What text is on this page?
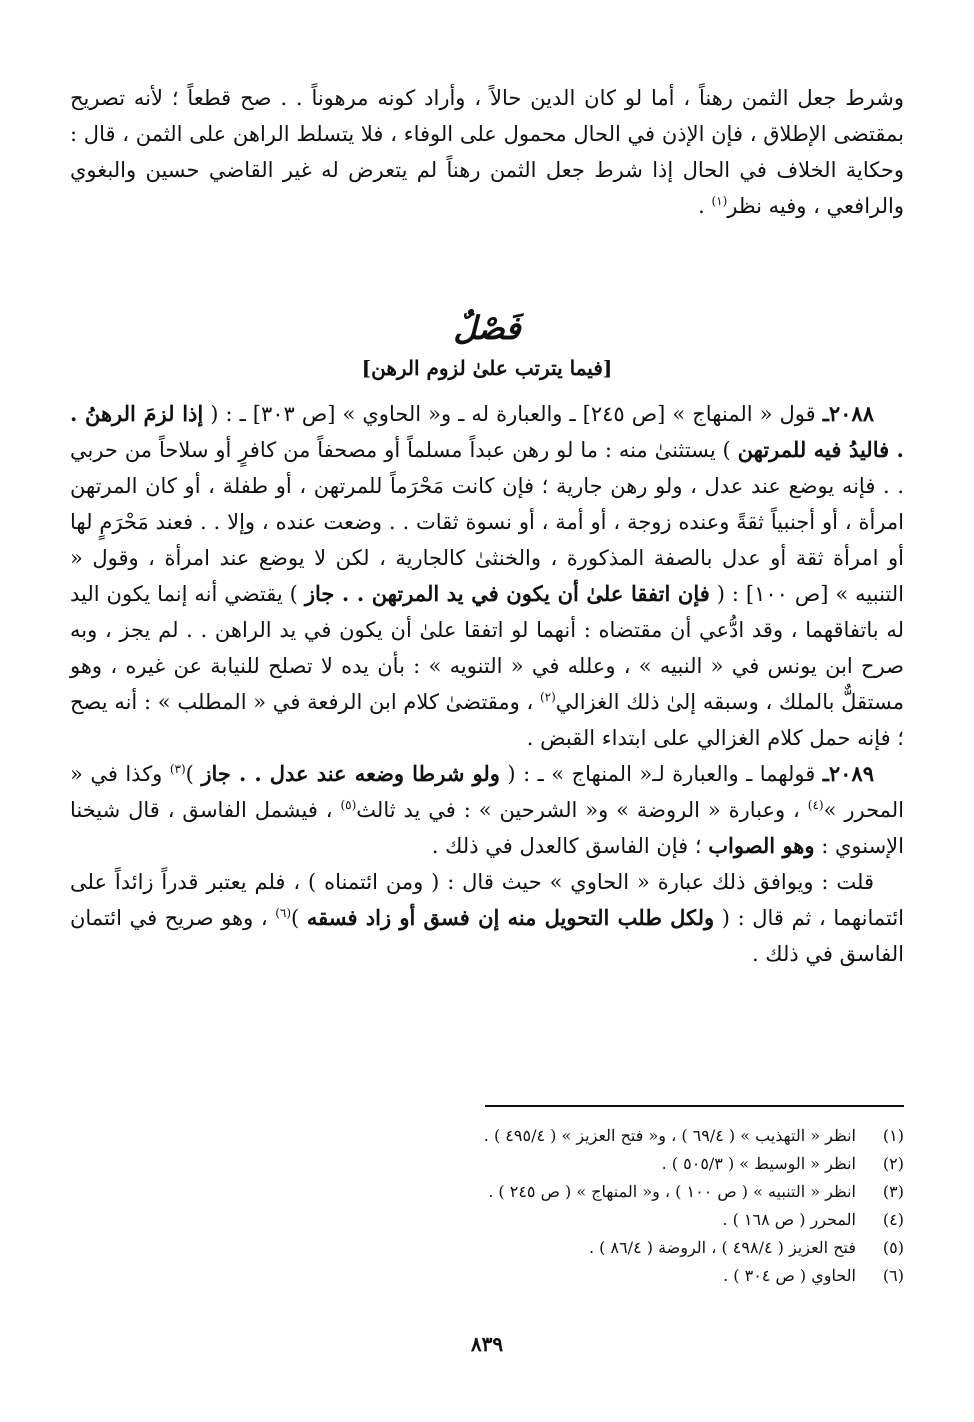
وشرط جعل الثمن رهناً ، أما لو كان الدين حالاً ، وأراد كونه مرهوناً . . صح قطعاً ؛ لأنه تصريح بمقتضى الإطلاق ، فإن الإذن في الحال محمول على الوفاء ، فلا يتسلط الراهن على الثمن ، قال : وحكاية الخلاف في الحال إذا شرط جعل الثمن رهناً لم يتعرض له غير القاضي حسين والبغوي والرافعي ، وفيه نظر$^{(١)}$ .

فَصْلٌ
[فيما يترتب علىٰ لزوم الرهن]

٢٠٨٨ـ قول « المنهاج » [ص ٢٤٥] ـ والعبارة له ـ و« الحاوي » [ص ٣٠٣] ـ : ( إذا لزمَ الرهنُ . . فاليدُ فيه للمرتهن ) يستثنىٰ منه : ما لو رهن عبداً مسلماً أو مصحفاً من كافرٍ أو سلاحاً من حربي . . فإنه يوضع عند عدل ، ولو رهن جارية ؛ فإن كانت مَحْرَماً للمرتهن ، أو طفلة ، أو كان المرتهن امرأة ، أو أجنبياً ثقةً وعنده زوجة ، أو أمة ، أو نسوة ثقات . . وضعت عنده ، وإلا . . فعند مَحْرَمٍ لها أو امرأة ثقة أو عدل بالصفة المذكورة ، والخنثىٰ كالجارية ، لكن لا يوضع عند امرأة ، وقول « التنبيه » [ص ١٠٠] : ( فإن اتفقا علىٰ أن يكون في يد المرتهن . . جاز ) يقتضي أنه إنما يكون اليد له باتفاقهما ، وقد ادُّعي أن مقتضاه : أنهما لو اتفقا علىٰ أن يكون في يد الراهن . . لم يجز ، وبه صرح ابن يونس في « النبيه » ، وعلله في « التنويه » : بأن يده لا تصلح للنيابة عن غيره ، وهو مستقلٌّ بالملك ، وسبقه إلىٰ ذلك الغزالي$^{(٢)}$ ، ومقتضىٰ كلام ابن الرفعة في « المطلب » : أنه يصح ؛ فإنه حمل كلام الغزالي على ابتداء القبض .

٢٠٨٩ـ قولهما ـ والعبارة لـ« المنهاج » ـ : ( ولو شرطا وضعه عند عدل . . جاز )$^{(٣)}$ وكذا في « المحرر »$^{(٤)}$ ، وعبارة « الروضة » و« الشرحين » : في يد ثالث$^{(٥)}$ ، فيشمل الفاسق ، قال شيخنا الإسنوي : وهو الصواب ؛ فإن الفاسق كالعدل في ذلك .

قلت : ويوافق ذلك عبارة « الحاوي » حيث قال : ( ومن ائتمناه ) ، فلم يعتبر قدراً زائداً على ائتمانهما ، ثم قال : ( ولكل طلب التحويل منه إن فسق أو زاد فسقه )$^{(٦)}$ ، وهو صريح في ائتمان الفاسق في ذلك .

(١)
انظر « التهذيب » ( ٦٩/٤ ) ، و« فتح العزيز » ( ٤٩٥/٤ ) .
(٢)
انظر « الوسيط » ( ٥٠٥/٣ ) .
(٣)
انظر « التنبيه » ( ص ١٠٠ ) ، و« المنهاج » ( ص ٢٤٥ ) .
(٤)
المحرر ( ص ١٦٨ ) .
(٥)
فتح العزيز ( ٤٩٨/٤ ) ، الروضة ( ٨٦/٤ ) .
(٦)
الحاوي ( ص ٣٠٤ ) .
٨٣٩
